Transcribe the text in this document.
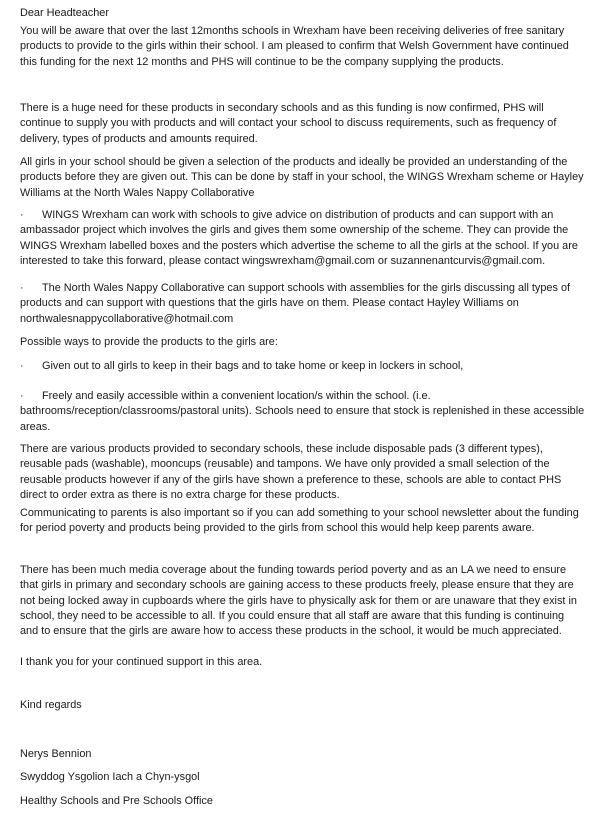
Dear Headteacher

You will be aware that over the last 12months schools in Wrexham have been receiving deliveries of free sanitary products to provide to the girls within their school. I am pleased to confirm that Welsh Government have continued this funding for the next 12 months and PHS will continue to be the company supplying the products.

There is a huge need for these products in secondary schools and as this funding is now confirmed, PHS will continue to supply you with products and will contact your school to discuss requirements, such as frequency of delivery, types of products and amounts required.

All girls in your school should be given a selection of the products and ideally be provided an understanding of the products before they are given out. This can be done by staff in your school, the WINGS Wrexham scheme or Hayley Williams at the North Wales Nappy Collaborative

· WINGS Wrexham can work with schools to give advice on distribution of products and can support with an ambassador project which involves the girls and gives them some ownership of the scheme. They can provide the WINGS Wrexham labelled boxes and the posters which advertise the scheme to all the girls at the school. If you are interested to take this forward, please contact wingswrexham@gmail.com or suzannenantcurvis@gmail.com.

· The North Wales Nappy Collaborative can support schools with assemblies for the girls discussing all types of products and can support with questions that the girls have on them. Please contact Hayley Williams on northwalesnappycollaborative@hotmail.com

Possible ways to provide the products to the girls are:

· Given out to all girls to keep in their bags and to take home or keep in lockers in school,

· Freely and easily accessible within a convenient location/s within the school. (i.e. bathrooms/reception/classrooms/pastoral units). Schools need to ensure that stock is replenished in these accessible areas.

There are various products provided to secondary schools, these include disposable pads (3 different types), reusable pads (washable), mooncups (reusable) and tampons. We have only provided a small selection of the reusable products however if any of the girls have shown a preference to these, schools are able to contact PHS direct to order extra as there is no extra charge for these products.

Communicating to parents is also important so if you can add something to your school newsletter about the funding for period poverty and products being provided to the girls from school this would help keep parents aware.

There has been much media coverage about the funding towards period poverty and as an LA we need to ensure that girls in primary and secondary schools are gaining access to these products freely, please ensure that they are not being locked away in cupboards where the girls have to physically ask for them or are unaware that they exist in school, they need to be accessible to all. If you could ensure that all staff are aware that this funding is continuing and to ensure that the girls are aware how to access these products in the school, it would be much appreciated.

I thank you for your continued support in this area.

Kind regards

Nerys Bennion

Swyddog Ysgolion Iach a Chyn-ysgol

Healthy Schools and Pre Schools Office
